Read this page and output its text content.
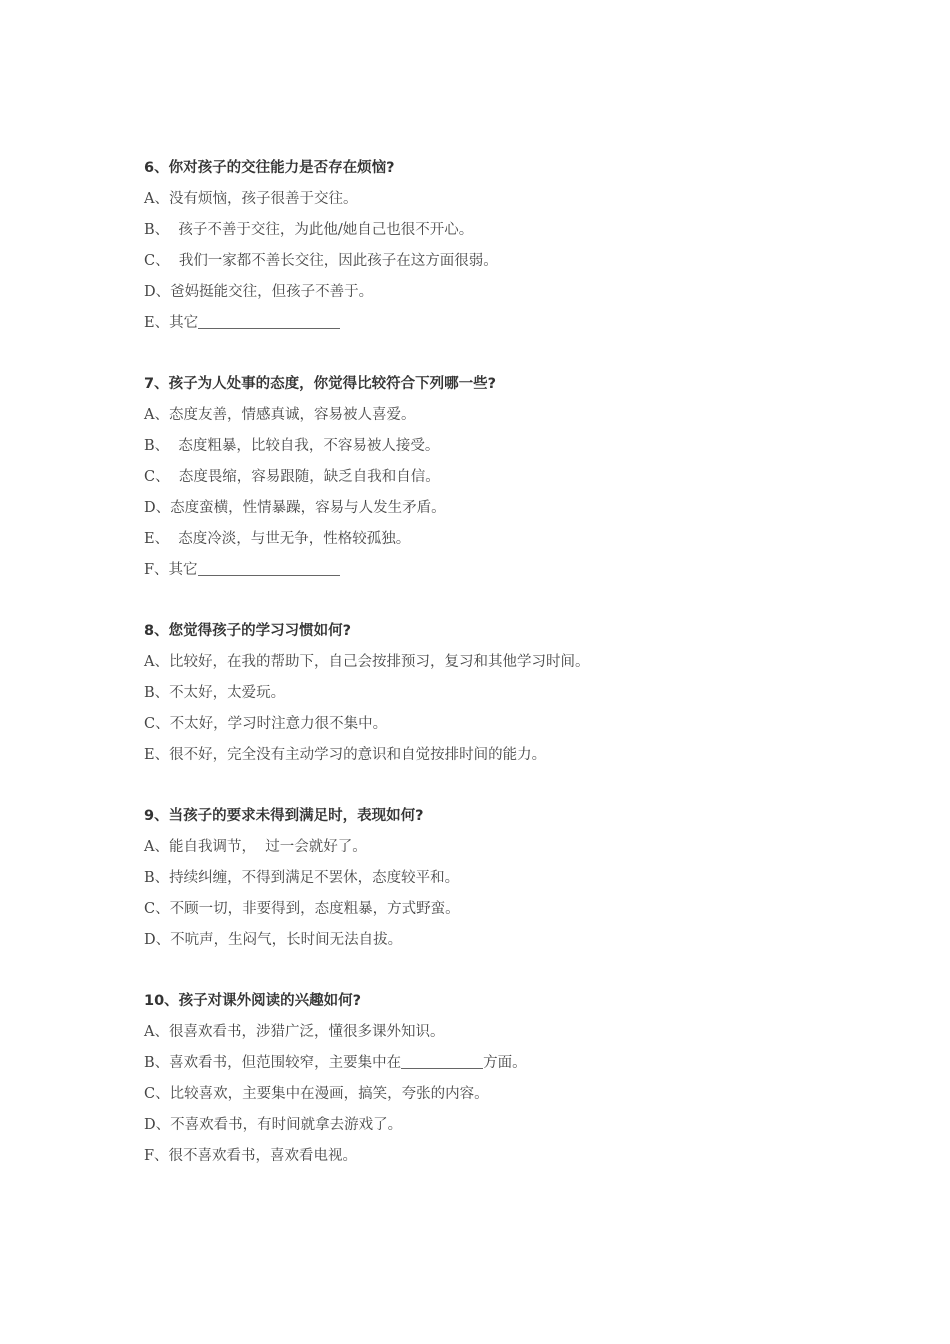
6、你对孩子的交往能力是否存在烦恼?
A、没有烦恼，孩子很善于交往。
B、  孩子不善于交往，为此他/她自己也很不开心。
C、  我们一家都不善长交往，因此孩子在这方面很弱。
D、爸妈挺能交往，但孩子不善于。
E、其它
7、孩子为人处事的态度，你觉得比较符合下列哪一些?
A、态度友善，情感真诚，容易被人喜爱。
B、  态度粗暴，比较自我，不容易被人接受。
C、  态度畏缩，容易跟随，缺乏自我和自信。
D、态度蛮横，性情暴躁，容易与人发生矛盾。
E、  态度冷淡，与世无争，性格较孤独。
F、其它
8、您觉得孩子的学习习惯如何?
A、比较好，在我的帮助下，自己会按排预习，复习和其他学习时间。
B、不太好，太爱玩。
C、不太好，学习时注意力很不集中。
E、很不好，完全没有主动学习的意识和自觉按排时间的能力。
9、当孩子的要求未得到满足时，表现如何?
A、能自我调节，  过一会就好了。
B、持续纠缠，不得到满足不罢休，态度较平和。
C、不顾一切，非要得到，态度粗暴，方式野蛮。
D、不吭声，生闷气，长时间无法自拔。
10、孩子对课外阅读的兴趣如何?
A、很喜欢看书，涉猎广泛，懂很多课外知识。
B、喜欢看书，但范围较窄，主要集中在	方面。
C、比较喜欢，主要集中在漫画，搞笑，夸张的内容。
D、不喜欢看书，有时间就拿去游戏了。
F、很不喜欢看书，喜欢看电视。
